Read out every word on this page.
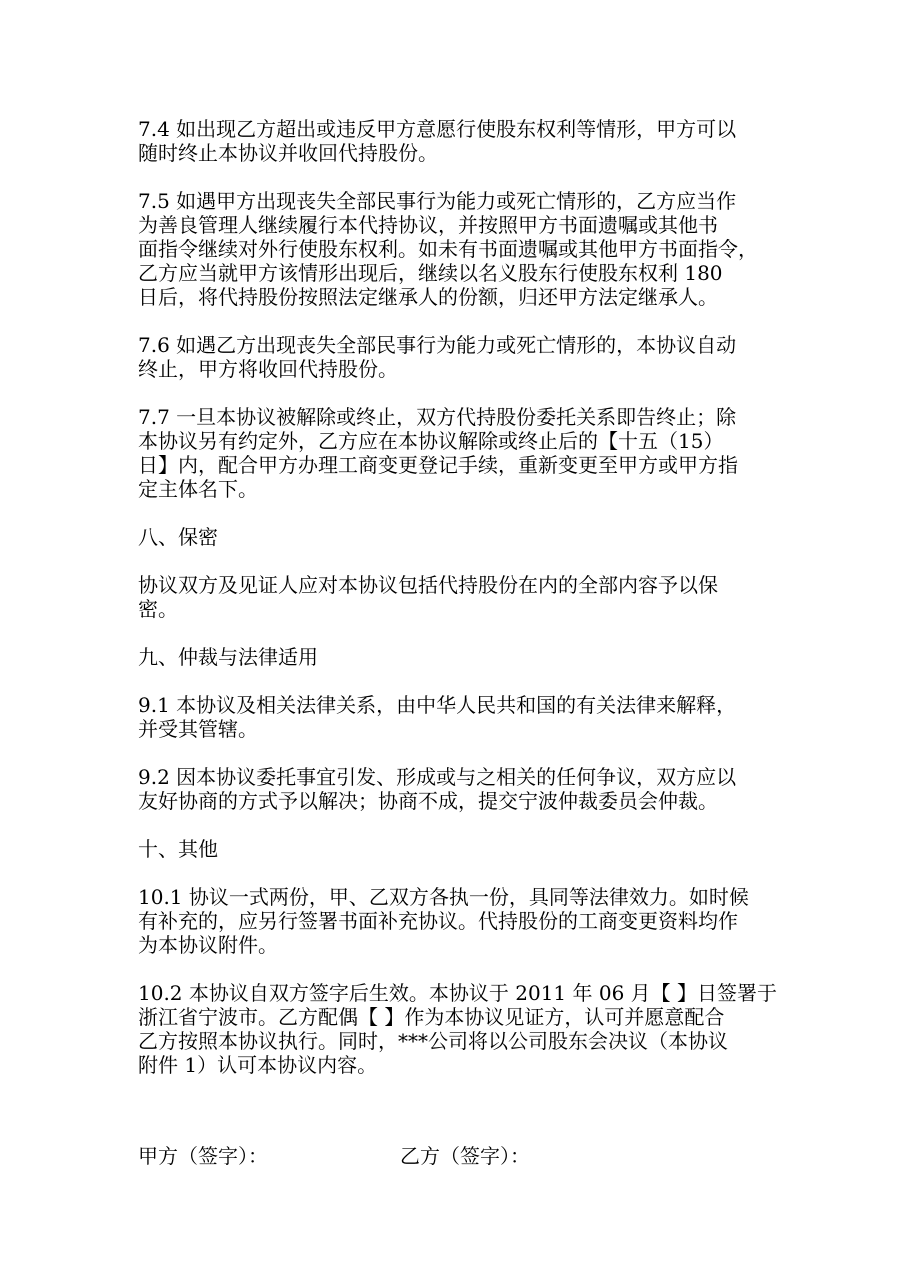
7.4 如出现乙方超出或违反甲方意愿行使股东权利等情形，甲方可以
随时终止本协议并收回代持股份。
7.5 如遇甲方出现丧失全部民事行为能力或死亡情形的，乙方应当作
为善良管理人继续履行本代持协议，并按照甲方书面遗嘱或其他书
面指令继续对外行使股东权利。如未有书面遗嘱或其他甲方书面指令，
乙方应当就甲方该情形出现后，继续以名义股东行使股东权利 180
日后，将代持股份按照法定继承人的份额，归还甲方法定继承人。
7.6 如遇乙方出现丧失全部民事行为能力或死亡情形的，本协议自动
终止，甲方将收回代持股份。
7.7 一旦本协议被解除或终止，双方代持股份委托关系即告终止；除
本协议另有约定外，乙方应在本协议解除或终止后的【十五（15）
日】内，配合甲方办理工商变更登记手续，重新变更至甲方或甲方指
定主体名下。
八、保密
协议双方及见证人应对本协议包括代持股份在内的全部内容予以保
密。
九、仲裁与法律适用
9.1 本协议及相关法律关系，由中华人民共和国的有关法律来解释，
并受其管辖。
9.2 因本协议委托事宜引发、形成或与之相关的任何争议，双方应以
友好协商的方式予以解决；协商不成，提交宁波仲裁委员会仲裁。
十、其他
10.1 协议一式两份，甲、乙双方各执一份，具同等法律效力。如时候
有补充的，应另行签署书面补充协议。代持股份的工商变更资料均作
为本协议附件。
10.2 本协议自双方签字后生效。本协议于 2011 年 06 月【 】日签署于
浙江省宁波市。乙方配偶【 】作为本协议见证方，认可并愿意配合
乙方按照本协议执行。同时，***公司将以公司股东会决议（本协议
附件 1）认可本协议内容。
甲方（签字）：	乙方（签字）：
